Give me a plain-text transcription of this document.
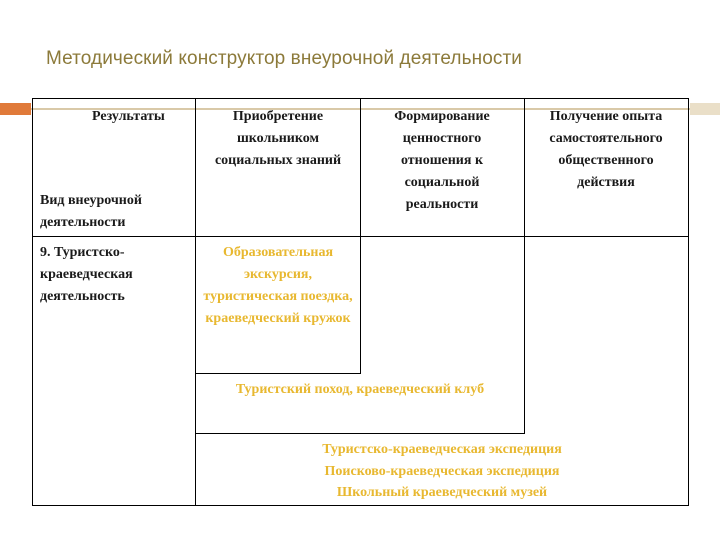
Методический конструктор внеурочной деятельности
Результаты
Вид внеурочной деятельности
Приобретение школьником социальных знаний
Формирование ценностного отношения к социальной реальности
Получение опыта самостоятельного общественного действия
9. Туристско-краеведческая деятельность
Образовательная экскурсия, туристическая поездка, краеведческий кружок
Туристский поход, краеведческий клуб
Туристско-краеведческая экспедиция
Поисково-краеведческая экспедиция
Школьный краеведческий музей
